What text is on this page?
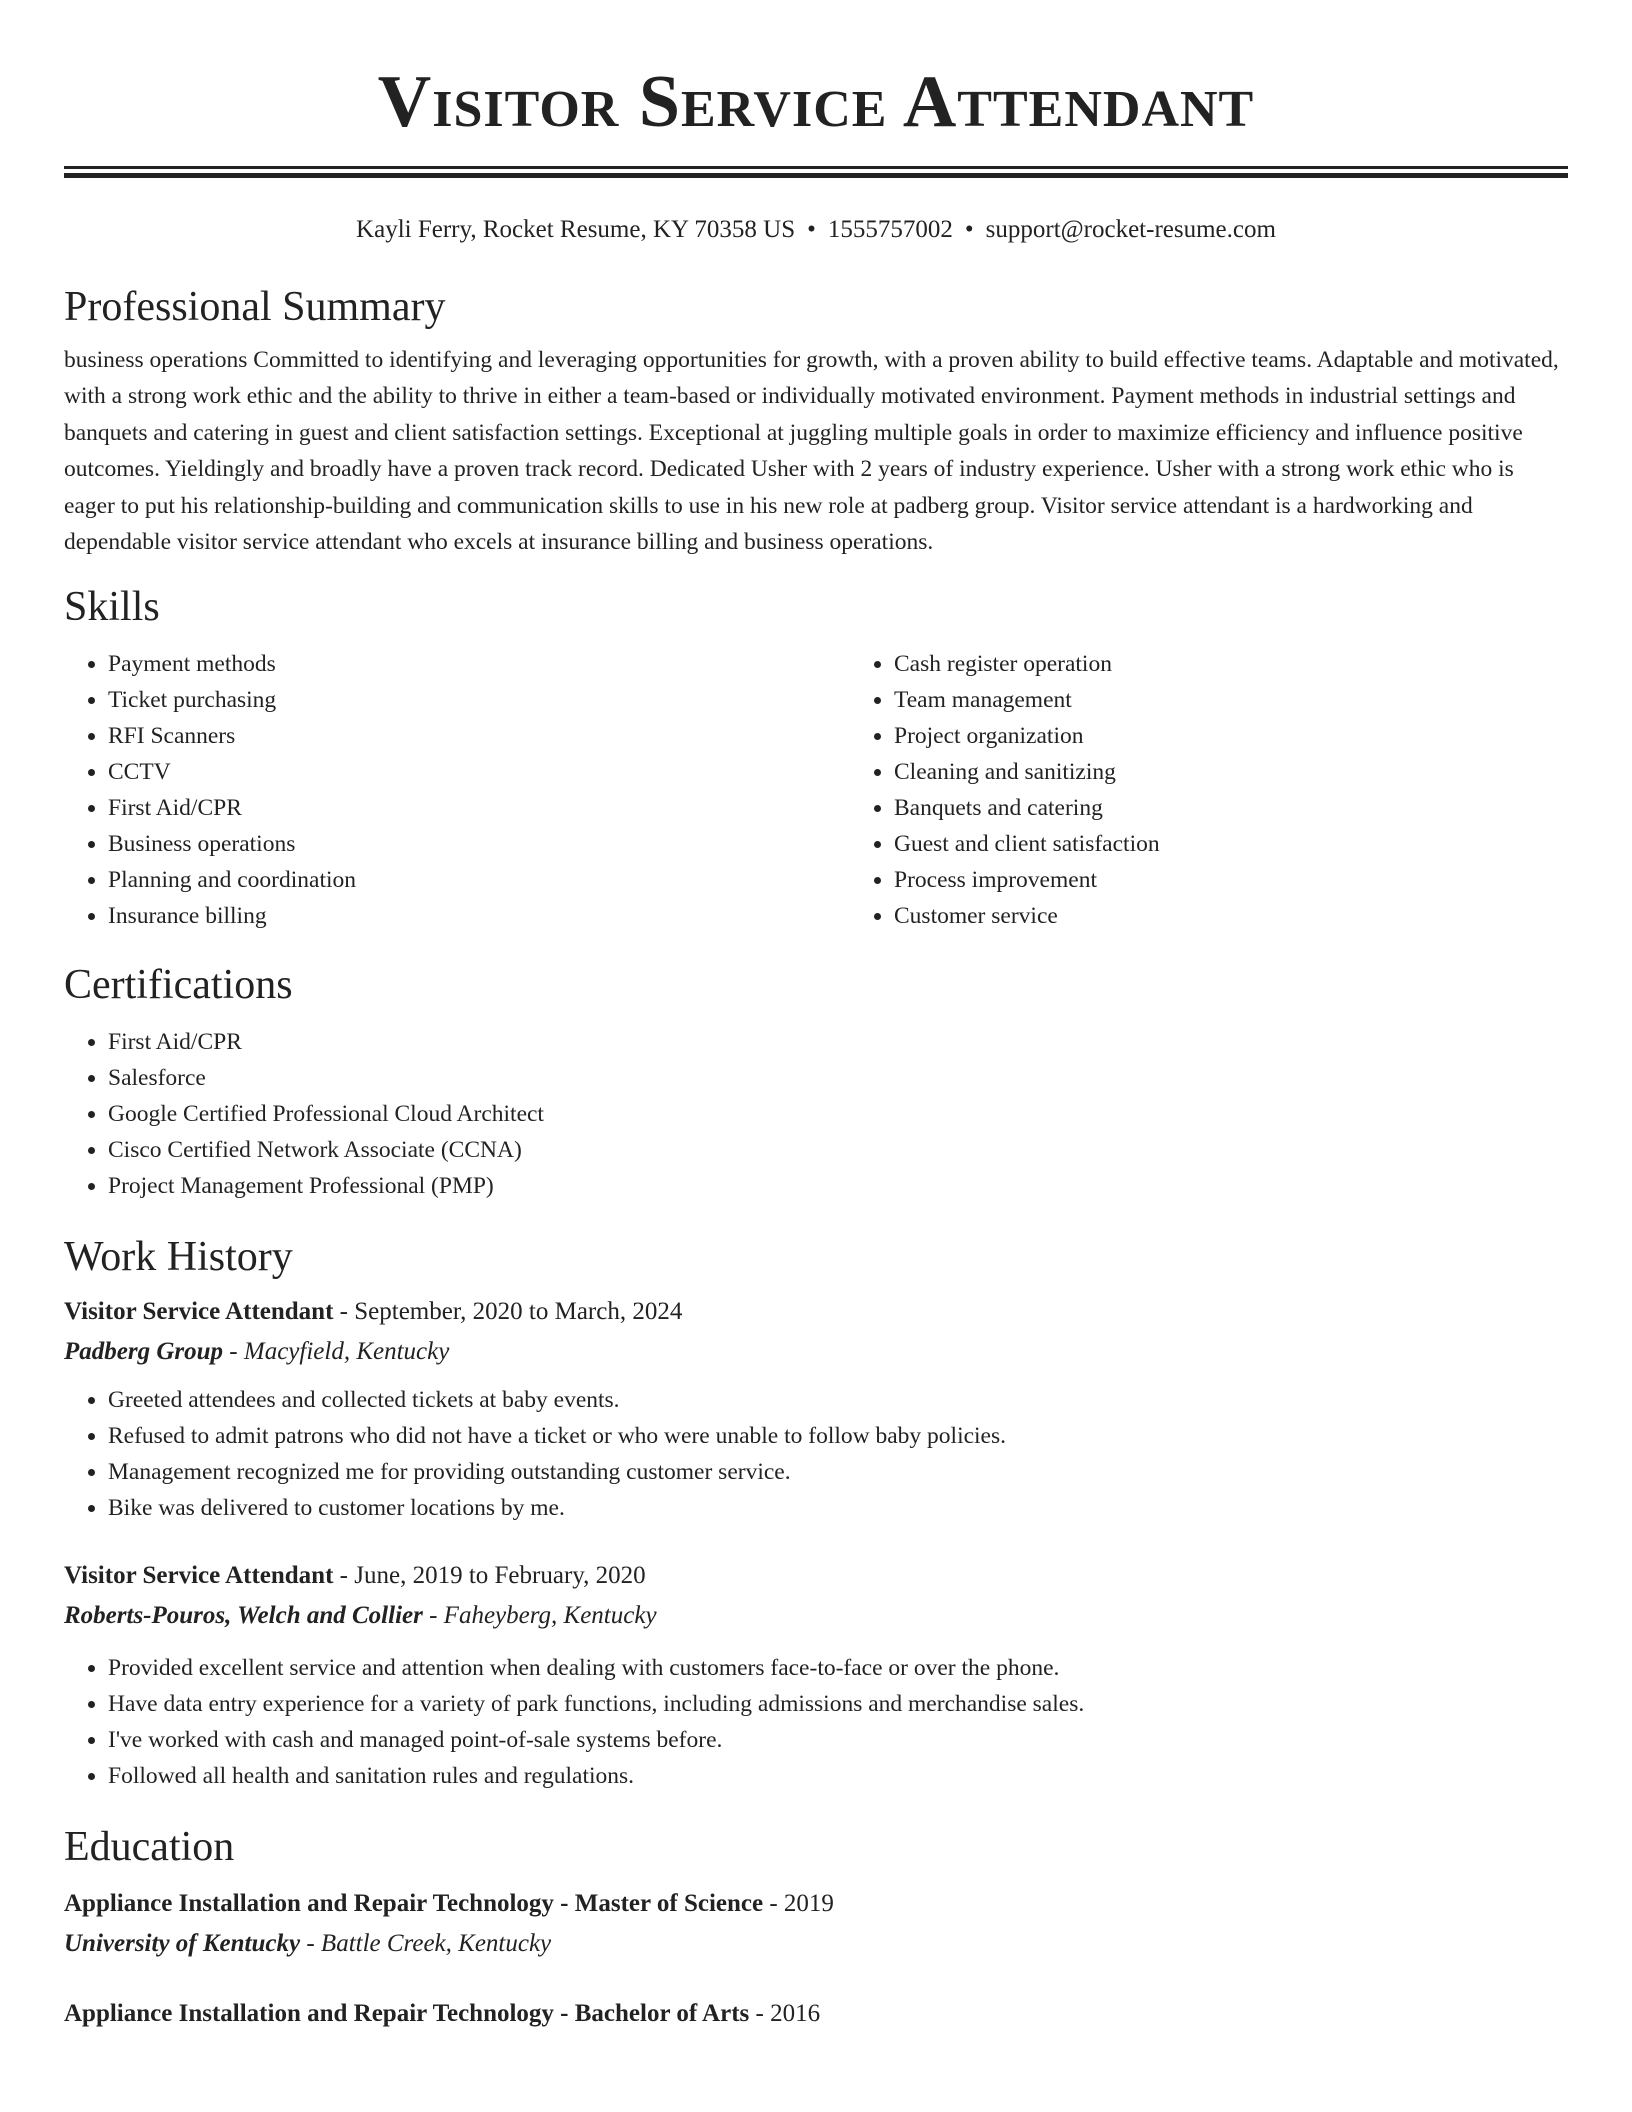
Visitor Service Attendant
Kayli Ferry, Rocket Resume, KY 70358 US • 1555757002 • support@rocket-resume.com
Professional Summary

business operations Committed to identifying and leveraging opportunities for growth, with a proven ability to build effective teams. Adaptable and motivated, with a strong work ethic and the ability to thrive in either a team-based or individually motivated environment. Payment methods in industrial settings and banquets and catering in guest and client satisfaction settings. Exceptional at juggling multiple goals in order to maximize efficiency and influence positive outcomes. Yieldingly and broadly have a proven track record. Dedicated Usher with 2 years of industry experience. Usher with a strong work ethic who is eager to put his relationship-building and communication skills to use in his new role at padberg group. Visitor service attendant is a hardworking and dependable visitor service attendant who excels at insurance billing and business operations.

Skills
• Payment methods
• Ticket purchasing
• RFI Scanners
• CCTV
• First Aid/CPR
• Business operations
• Planning and coordination
• Insurance billing
• Cash register operation
• Team management
• Project organization
• Cleaning and sanitizing
• Banquets and catering
• Guest and client satisfaction
• Process improvement
• Customer service
Certifications
• First Aid/CPR
• Salesforce
• Google Certified Professional Cloud Architect
• Cisco Certified Network Associate (CCNA)
• Project Management Professional (PMP)
Work History
Visitor Service Attendant - September, 2020 to March, 2024
Padberg Group - Macyfield, Kentucky
• Greeted attendees and collected tickets at baby events.
• Refused to admit patrons who did not have a ticket or who were unable to follow baby policies.
• Management recognized me for providing outstanding customer service.
• Bike was delivered to customer locations by me.
Visitor Service Attendant - June, 2019 to February, 2020
Roberts-Pouros, Welch and Collier - Faheyberg, Kentucky
• Provided excellent service and attention when dealing with customers face-to-face or over the phone.
• Have data entry experience for a variety of park functions, including admissions and merchandise sales.
• I've worked with cash and managed point-of-sale systems before.
• Followed all health and sanitation rules and regulations.
Education
Appliance Installation and Repair Technology - Master of Science - 2019
University of Kentucky - Battle Creek, Kentucky
Appliance Installation and Repair Technology - Bachelor of Arts - 2016
